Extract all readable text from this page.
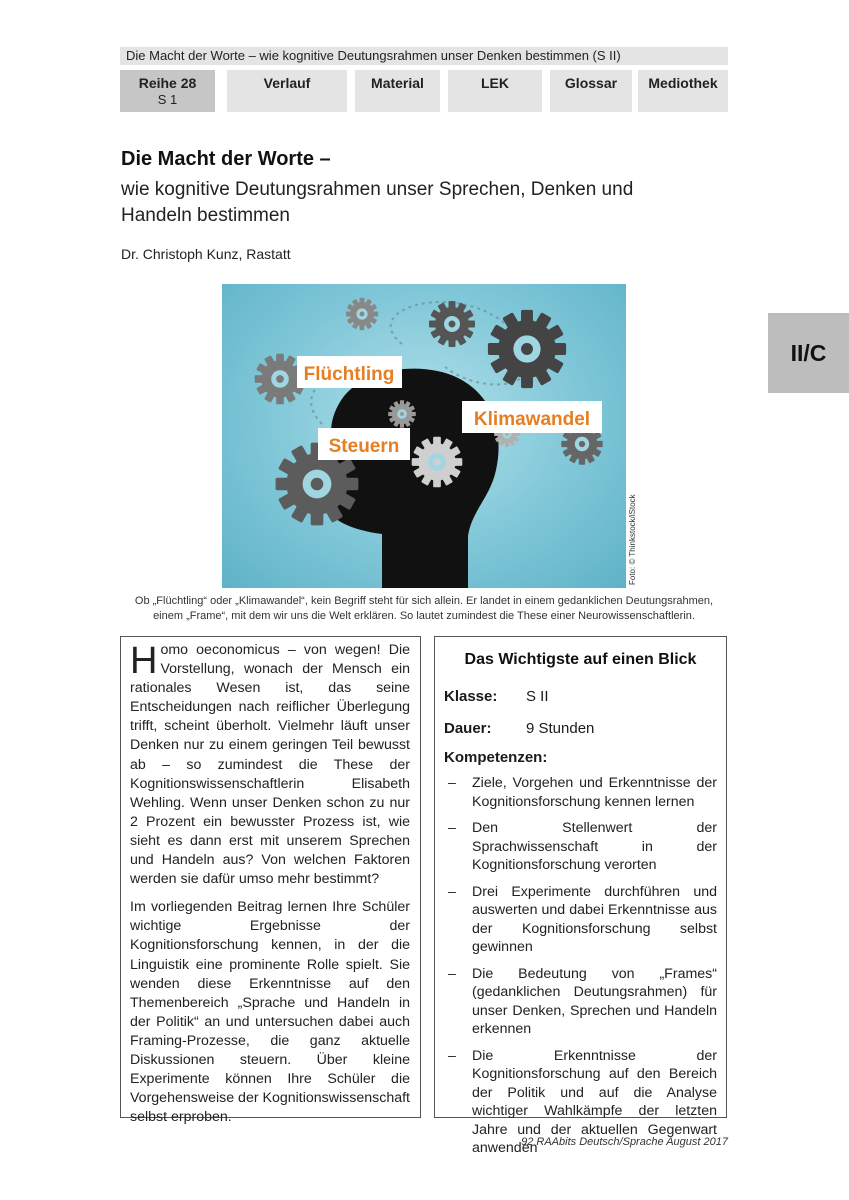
Die Macht der Worte – wie kognitive Deutungsrahmen unser Denken bestimmen (S II)
Reihe 28
S 1
Verlauf	Material	LEK	Glossar	Mediothek
II/C
Die Macht der Worte –
wie kognitive Deutungsrahmen unser Sprechen, Denken und Handeln bestimmen
Dr. Christoph Kunz, Rastatt
Flüchtling
Klimawandel
Steuern
Foto: © Thinkstock/iStock
Ob „Flüchtling“ oder „Klimawandel“, kein Begriff steht für sich allein. Er landet in einem gedanklichen Deutungsrahmen,
einem „Frame“, mit dem wir uns die Welt erklären. So lautet zumindest die These einer Neurowissenschaftlerin.

Homo oeconomicus – von wegen! Die Vorstellung, wonach der Mensch ein rationales Wesen ist, das seine Entscheidungen nach reiflicher Überlegung trifft, scheint überholt. Vielmehr läuft unser Denken nur zu einem geringen Teil bewusst ab – so zumindest die These der Kognitionswissenschaftlerin Elisabeth Wehling. Wenn unser Denken schon zu nur 2 Prozent ein bewusster Prozess ist, wie sieht es dann erst mit unserem Sprechen und Handeln aus? Von welchen Faktoren werden sie dafür umso mehr bestimmt?

Im vorliegenden Beitrag lernen Ihre Schüler wichtige Ergebnisse der Kognitionsforschung kennen, in der die Linguistik eine prominente Rolle spielt. Sie wenden diese Erkenntnisse auf den Themenbereich „Sprache und Handeln in der Politik“ an und untersuchen dabei auch Framing-Prozesse, die ganz aktuelle Diskussionen steuern. Über kleine Experimente können Ihre Schüler die Vorgehensweise der Kognitionswissenschaft selbst erproben.

Das Wichtigste auf einen Blick
Klasse:	S II
Dauer:	9 Stunden
Kompetenzen:
– Ziele, Vorgehen und Erkenntnisse der Kognitionsforschung kennen lernen
– Den Stellenwert der Sprachwissenschaft in der Kognitionsforschung verorten
– Drei Experimente durchführen und auswerten und dabei Erkenntnisse aus der Kognitionsforschung selbst gewinnen
– Die Bedeutung von „Frames“ (gedanklichen Deutungsrahmen) für unser Denken, Sprechen und Handeln erkennen
– Die Erkenntnisse der Kognitionsforschung auf den Bereich der Politik und auf die Analyse wichtiger Wahlkämpfe der letzten Jahre und der aktuellen Gegenwart anwenden
92 RAAbits Deutsch/Sprache August 2017
